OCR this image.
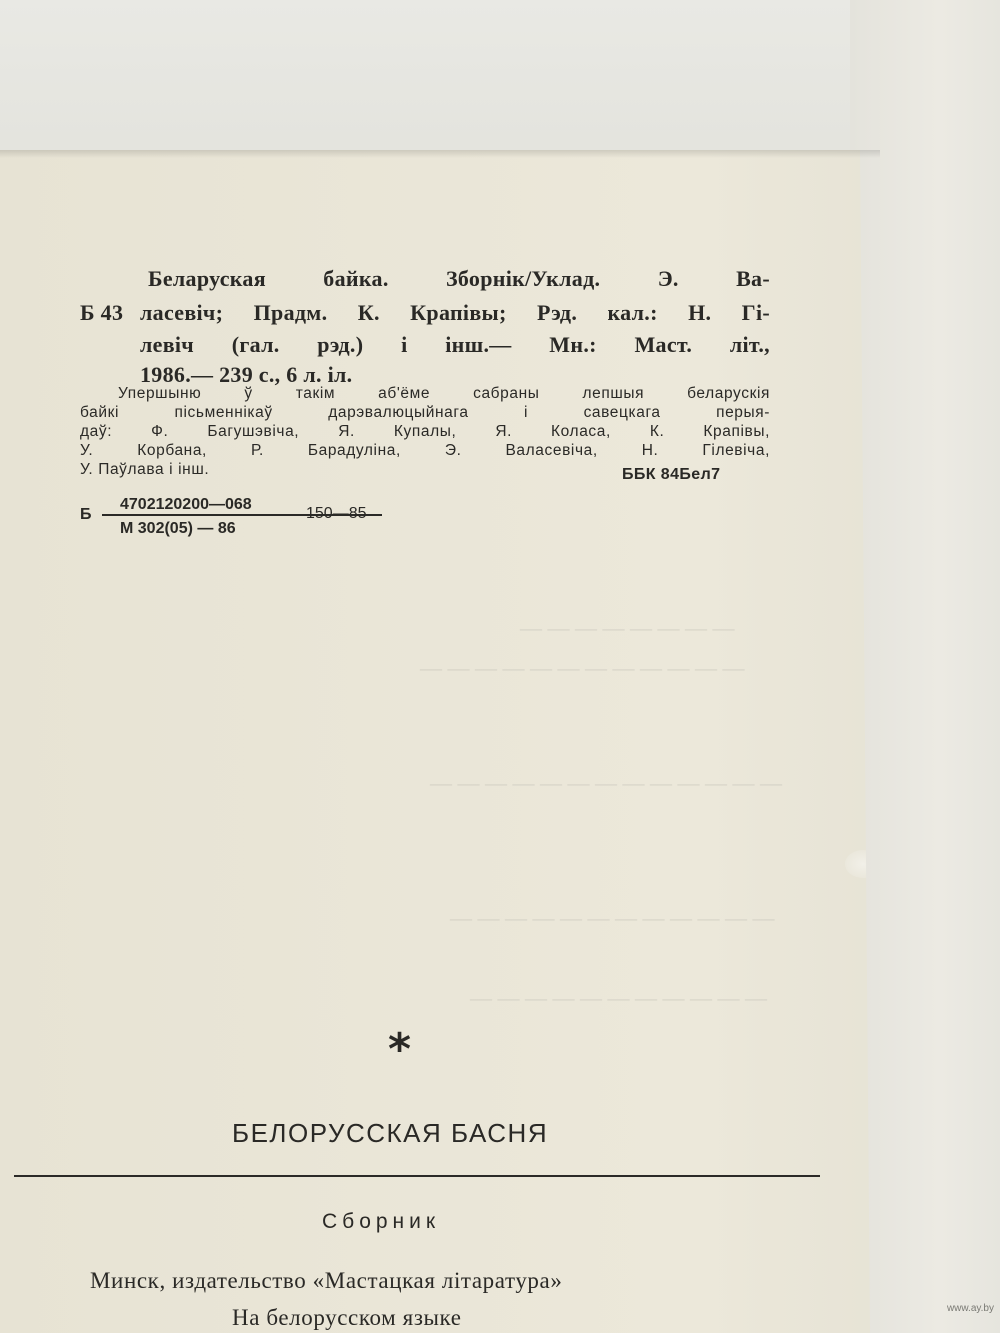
— — — — — — — —
— — — — — — — — — — — —
— — — — — — — — — — — — —
— — — — — — — — — — — —
— — — — — — — — — — —
Беларуская байка. Зборнік/Уклад. Э. Ва-
Б 43 ласевіч; Прадм. К. Крапівы; Рэд. кал.: Н. Гі-
левіч (гал. рэд.) і інш.— Мн.: Маст. літ.,
1986.— 239 с., 6 л. іл.
Упершыню ў такім аб'ёме сабраны лепшыя беларускія
байкі пісьменнікаў дарэвалюцыйнага і савецкага перыя-
даў: Ф. Багушэвіча, Я. Купалы, Я. Коласа, К. Крапівы,
У. Корбана, Р. Барадуліна, Э. Валасевіча, Н. Гілевіча,
У. Паўлава і інш.	ББК 84Бел7
Б
4702120200—068
М 302(05) — 86
150—85
*
БЕЛОРУССКАЯ БАСНЯ
Сборник
Минск, издательство «Мастацкая літаратура»
На белорусском языке	www.ay.by
